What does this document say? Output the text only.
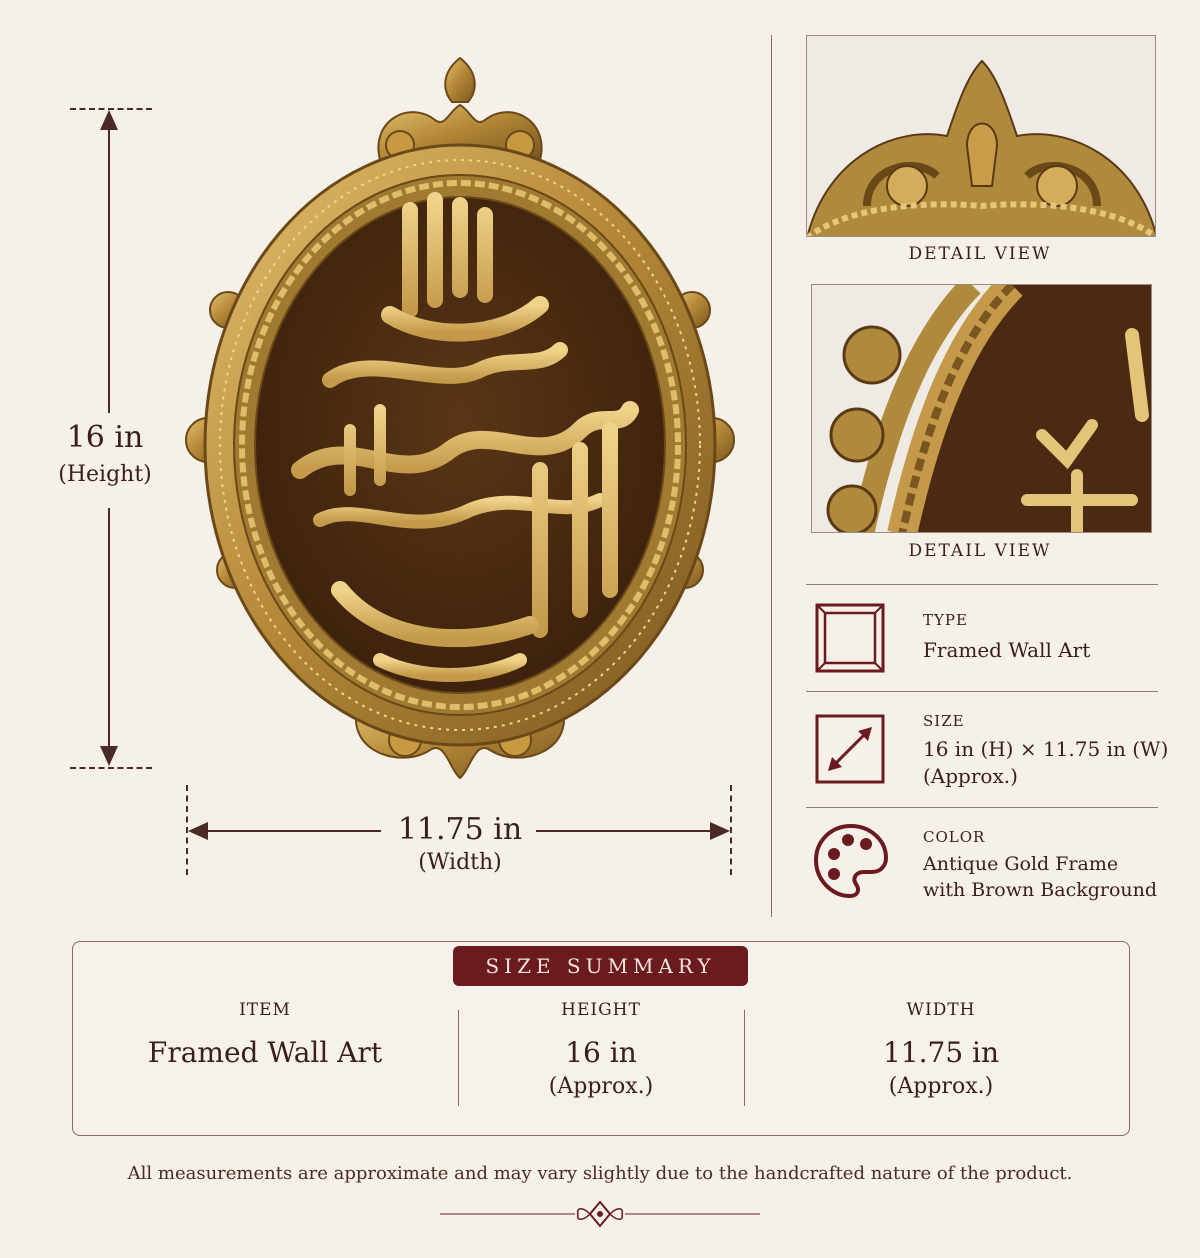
16 in
(Height)
11.75 in
(Width)
DETAIL VIEW
DETAIL VIEW
TYPE
Framed Wall Art
SIZE
16 in (H) × 11.75 in (W)
(Approx.)
COLOR
Antique Gold Frame
with Brown Background
SIZE SUMMARY
ITEM
Framed Wall Art
HEIGHT
16 in
(Approx.)
WIDTH
11.75 in
(Approx.)
All measurements are approximate and may vary slightly due to the handcrafted nature of the product.
